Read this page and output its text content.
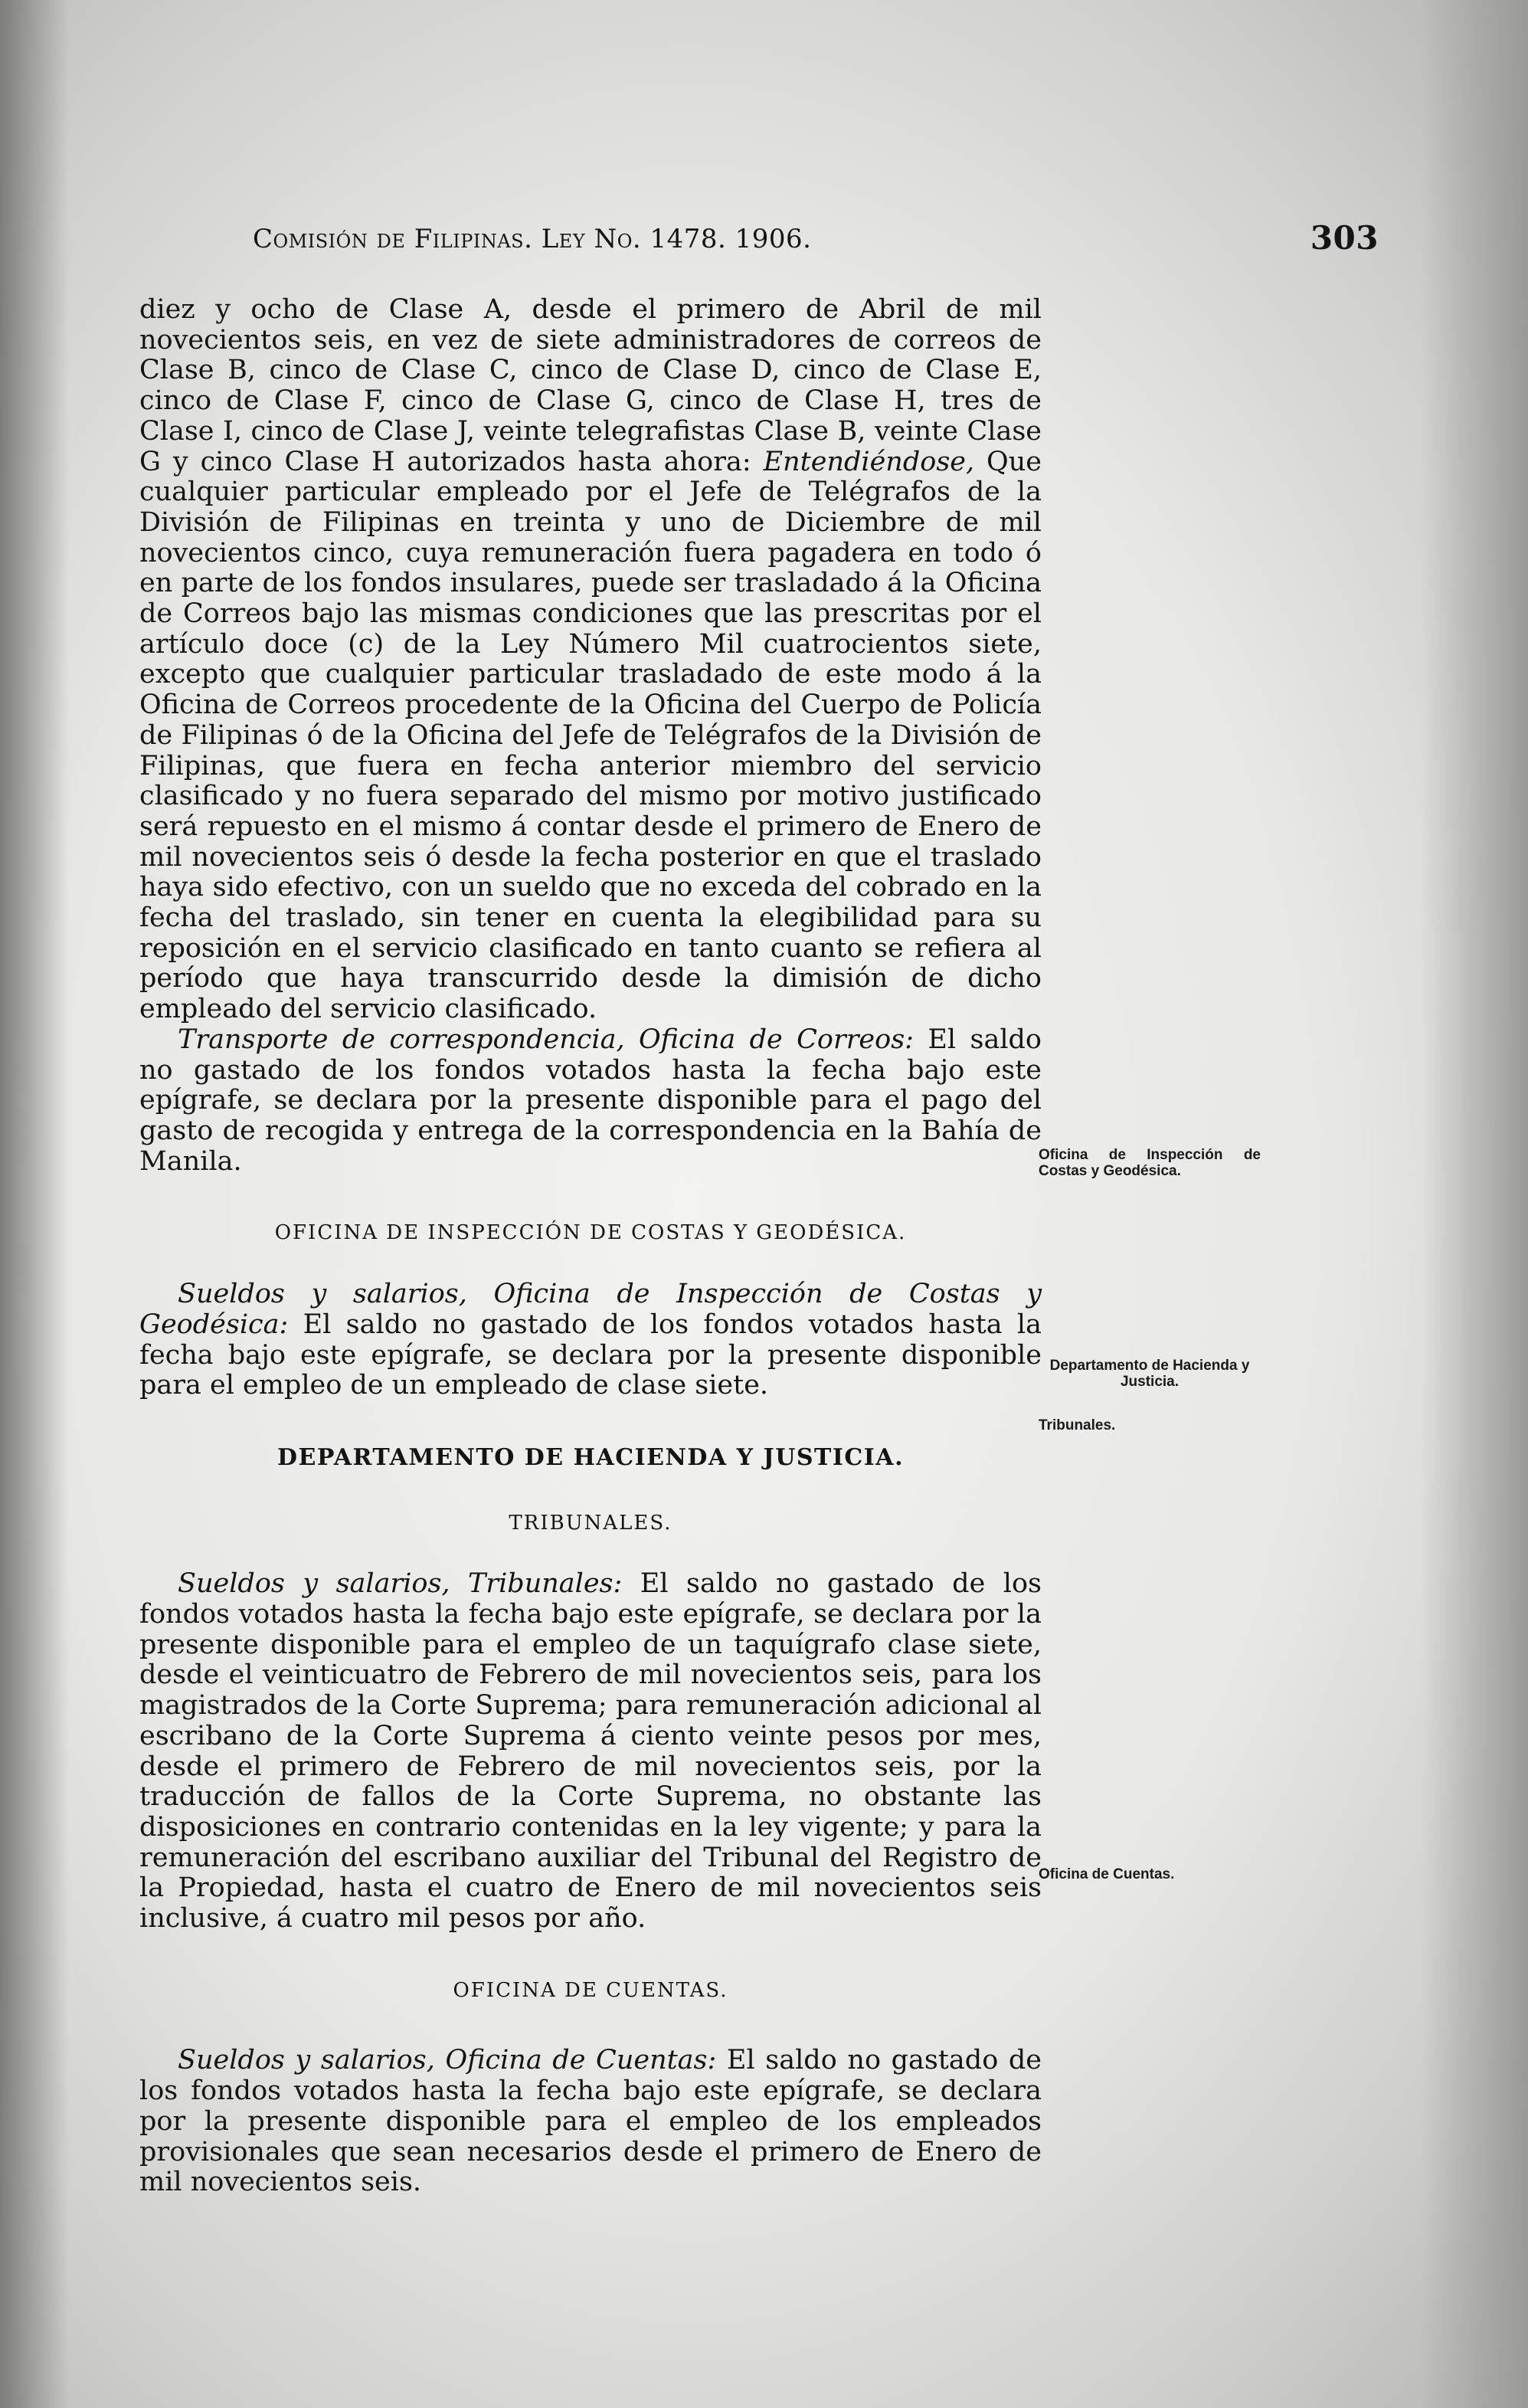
Comisión de Filipinas. Ley No. 1478. 1906.	303

diez y ocho de Clase A, desde el primero de Abril de mil novecientos seis, en vez de siete administradores de correos de Clase B, cinco de Clase C, cinco de Clase D, cinco de Clase E, cinco de Clase F, cinco de Clase G, cinco de Clase H, tres de Clase I, cinco de Clase J, veinte telegrafistas Clase B, veinte Clase G y cinco Clase H autorizados hasta ahora: Entendiéndose, Que cualquier particular empleado por el Jefe de Telégrafos de la División de Filipinas en treinta y uno de Diciembre de mil novecientos cinco, cuya remuneración fuera pagadera en todo ó en parte de los fondos insulares, puede ser trasladado á la Oficina de Correos bajo las mismas condiciones que las prescritas por el artículo doce (c) de la Ley Número Mil cuatrocientos siete, excepto que cualquier particular trasladado de este modo á la Oficina de Correos procedente de la Oficina del Cuerpo de Policía de Filipinas ó de la Oficina del Jefe de Telégrafos de la División de Filipinas, que fuera en fecha anterior miembro del servicio clasificado y no fuera separado del mismo por motivo justificado será repuesto en el mismo á contar desde el primero de Enero de mil novecientos seis ó desde la fecha posterior en que el traslado haya sido efectivo, con un sueldo que no exceda del cobrado en la fecha del traslado, sin tener en cuenta la elegibilidad para su reposición en el servicio clasificado en tanto cuanto se refiera al período que haya transcurrido desde la dimisión de dicho empleado del servicio clasificado.

Transporte de correspondencia, Oficina de Correos: El saldo no gastado de los fondos votados hasta la fecha bajo este epígrafe, se declara por la presente disponible para el pago del gasto de recogida y entrega de la correspondencia en la Bahía de Manila.

OFICINA DE INSPECCIÓN DE COSTAS Y GEODÉSICA.

Sueldos y salarios, Oficina de Inspección de Costas y Geodésica: El saldo no gastado de los fondos votados hasta la fecha bajo este epígrafe, se declara por la presente disponible para el empleo de un empleado de clase siete.

DEPARTAMENTO DE HACIENDA Y JUSTICIA.
TRIBUNALES.

Sueldos y salarios, Tribunales: El saldo no gastado de los fondos votados hasta la fecha bajo este epígrafe, se declara por la presente disponible para el empleo de un taquígrafo clase siete, desde el veinticuatro de Febrero de mil novecientos seis, para los magistrados de la Corte Suprema; para remuneración adicional al escribano de la Corte Suprema á ciento veinte pesos por mes, desde el primero de Febrero de mil novecientos seis, por la traducción de fallos de la Corte Suprema, no obstante las disposiciones en contrario contenidas en la ley vigente; y para la remuneración del escribano auxiliar del Tribunal del Registro de la Propiedad, hasta el cuatro de Enero de mil novecientos seis inclusive, á cuatro mil pesos por año.

OFICINA DE CUENTAS.

Sueldos y salarios, Oficina de Cuentas: El saldo no gastado de los fondos votados hasta la fecha bajo este epígrafe, se declara por la presente disponible para el empleo de los empleados provisionales que sean necesarios desde el primero de Enero de mil novecientos seis.

Oficina de Inspección de Costas y Geodésica.
Departamento de Hacienda y Justicia.
Tribunales.
Oficina de Cuentas.
